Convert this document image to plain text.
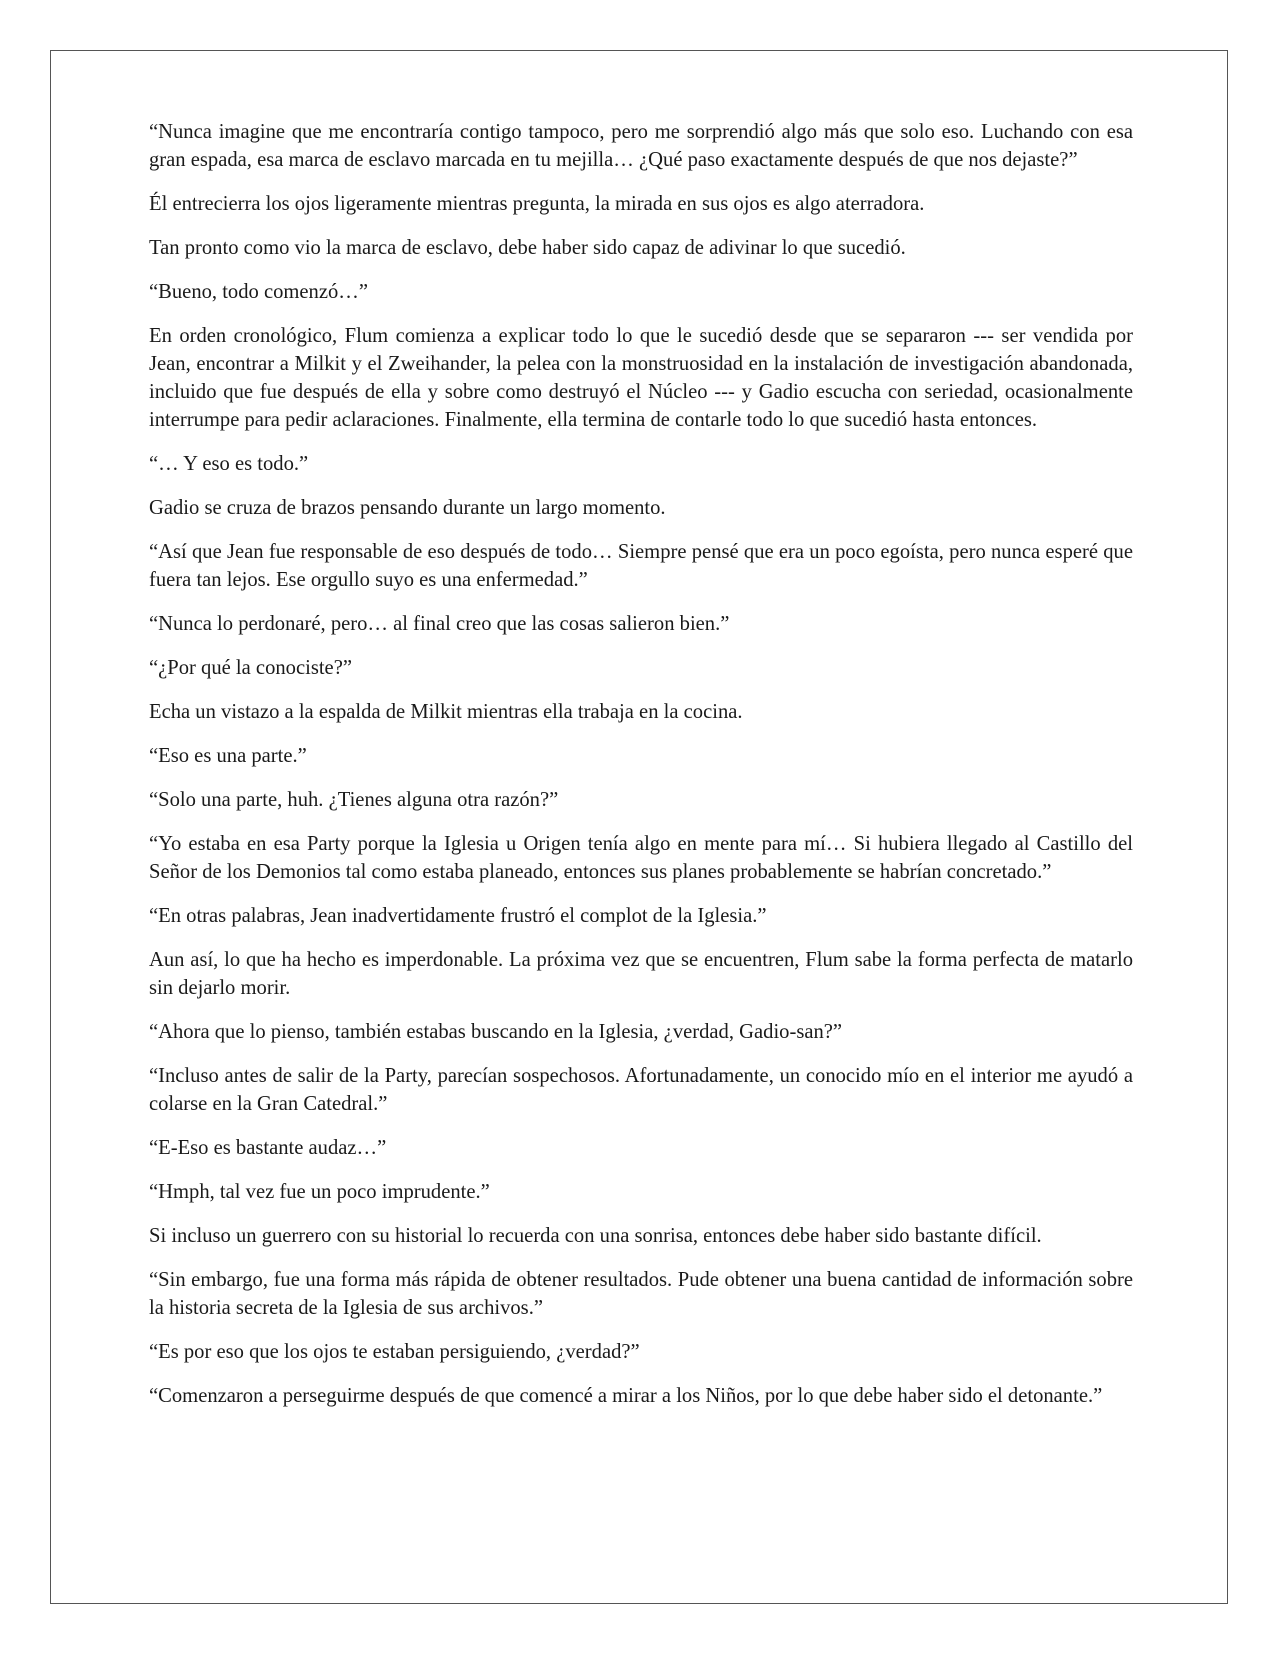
“Nunca imagine que me encontraría contigo tampoco, pero me sorprendió algo más que solo eso. Luchando con esa gran espada, esa marca de esclavo marcada en tu mejilla… ¿Qué paso exactamente después de que nos dejaste?”

Él entrecierra los ojos ligeramente mientras pregunta, la mirada en sus ojos es algo aterradora.

Tan pronto como vio la marca de esclavo, debe haber sido capaz de adivinar lo que sucedió.

“Bueno, todo comenzó…”

En orden cronológico, Flum comienza a explicar todo lo que le sucedió desde que se separaron --- ser vendida por Jean, encontrar a Milkit y el Zweihander, la pelea con la monstruosidad en la instalación de investigación abandonada, incluido que fue después de ella y sobre como destruyó el Núcleo --- y Gadio escucha con seriedad, ocasionalmente interrumpe para pedir aclaraciones. Finalmente, ella termina de contarle todo lo que sucedió hasta entonces.

“… Y eso es todo.”

Gadio se cruza de brazos pensando durante un largo momento.

“Así que Jean fue responsable de eso después de todo… Siempre pensé que era un poco egoísta, pero nunca esperé que fuera tan lejos. Ese orgullo suyo es una enfermedad.”

“Nunca lo perdonaré, pero… al final creo que las cosas salieron bien.”

“¿Por qué la conociste?”

Echa un vistazo a la espalda de Milkit mientras ella trabaja en la cocina.

“Eso es una parte.”

“Solo una parte, huh. ¿Tienes alguna otra razón?”

“Yo estaba en esa Party porque la Iglesia u Origen tenía algo en mente para mí… Si hubiera llegado al Castillo del Señor de los Demonios tal como estaba planeado, entonces sus planes probablemente se habrían concretado.”

“En otras palabras, Jean inadvertidamente frustró el complot de la Iglesia.”

Aun así, lo que ha hecho es imperdonable. La próxima vez que se encuentren, Flum sabe la forma perfecta de matarlo sin dejarlo morir.

“Ahora que lo pienso, también estabas buscando en la Iglesia, ¿verdad, Gadio-san?”

“Incluso antes de salir de la Party, parecían sospechosos. Afortunadamente, un conocido mío en el interior me ayudó a colarse en la Gran Catedral.”

“E-Eso es bastante audaz…”

“Hmph, tal vez fue un poco imprudente.”

Si incluso un guerrero con su historial lo recuerda con una sonrisa, entonces debe haber sido bastante difícil.

“Sin embargo, fue una forma más rápida de obtener resultados. Pude obtener una buena cantidad de información sobre la historia secreta de la Iglesia de sus archivos.”

“Es por eso que los ojos te estaban persiguiendo, ¿verdad?”

“Comenzaron a perseguirme después de que comencé a mirar a los Niños, por lo que debe haber sido el detonante.”
